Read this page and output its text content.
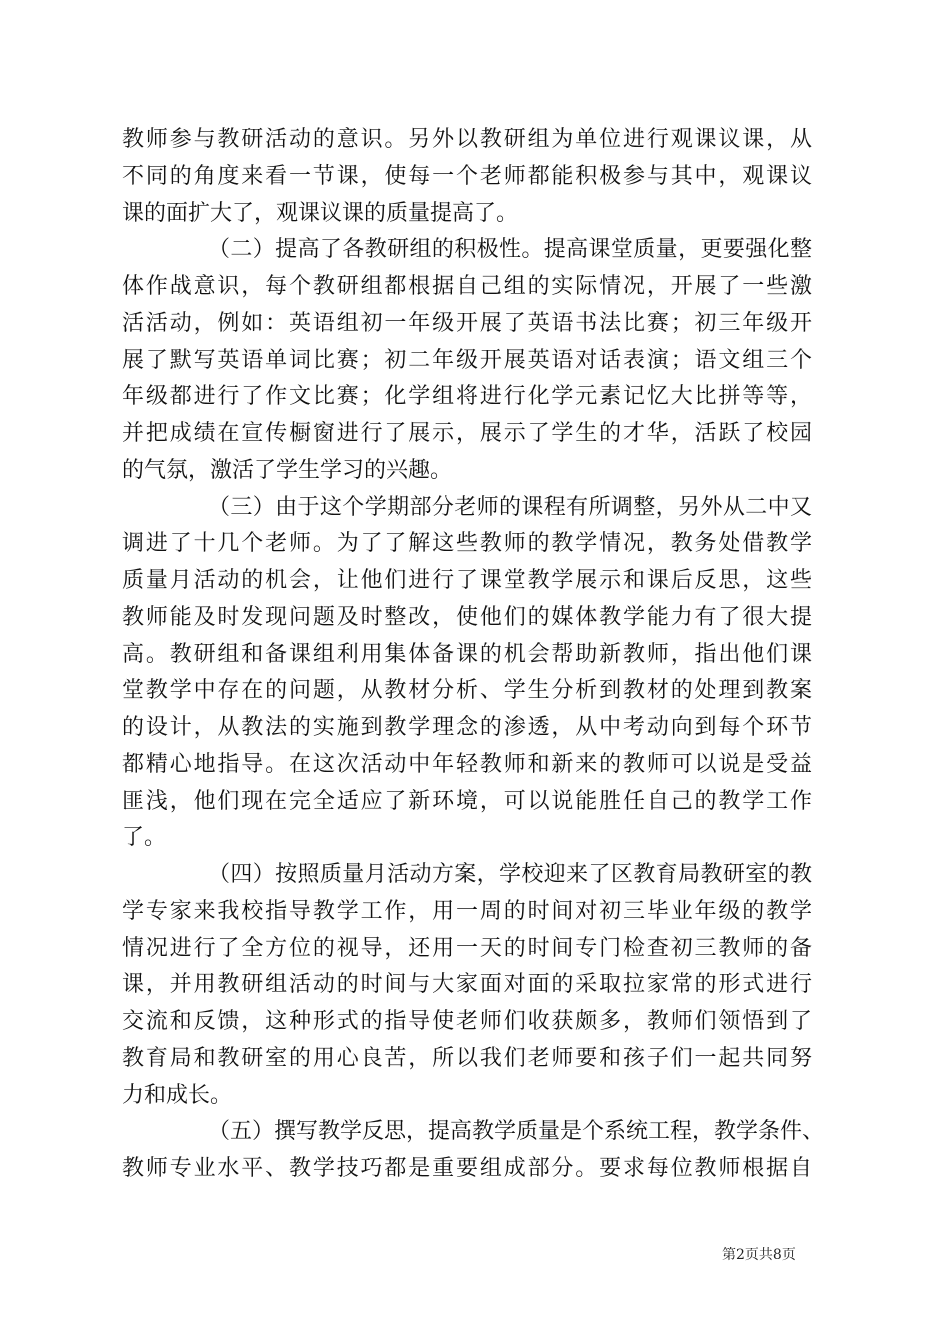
教师参与教研活动的意识。另外以教研组为单位进行观课议课，从
不同的角度来看一节课，使每一个老师都能积极参与其中，观课议
课的面扩大了，观课议课的质量提高了。
（二）提高了各教研组的积极性。提高课堂质量，更要强化整
体作战意识，每个教研组都根据自己组的实际情况，开展了一些激
活活动，例如：英语组初一年级开展了英语书法比赛；初三年级开
展了默写英语单词比赛；初二年级开展英语对话表演；语文组三个
年级都进行了作文比赛；化学组将进行化学元素记忆大比拼等等，
并把成绩在宣传橱窗进行了展示，展示了学生的才华，活跃了校园
的气氛，激活了学生学习的兴趣。
（三）由于这个学期部分老师的课程有所调整，另外从二中又
调进了十几个老师。为了了解这些教师的教学情况，教务处借教学
质量月活动的机会，让他们进行了课堂教学展示和课后反思，这些
教师能及时发现问题及时整改，使他们的媒体教学能力有了很大提
高。教研组和备课组利用集体备课的机会帮助新教师，指出他们课
堂教学中存在的问题，从教材分析、学生分析到教材的处理到教案
的设计，从教法的实施到教学理念的渗透，从中考动向到每个环节
都精心地指导。在这次活动中年轻教师和新来的教师可以说是受益
匪浅，他们现在完全适应了新环境，可以说能胜任自己的教学工作
了。
（四）按照质量月活动方案，学校迎来了区教育局教研室的教
学专家来我校指导教学工作，用一周的时间对初三毕业年级的教学
情况进行了全方位的视导，还用一天的时间专门检查初三教师的备
课，并用教研组活动的时间与大家面对面的采取拉家常的形式进行
交流和反馈，这种形式的指导使老师们收获颇多，教师们领悟到了
教育局和教研室的用心良苦，所以我们老师要和孩子们一起共同努
力和成长。
（五）撰写教学反思，提高教学质量是个系统工程，教学条件、
教师专业水平、教学技巧都是重要组成部分。要求每位教师根据自
第2页共8页
